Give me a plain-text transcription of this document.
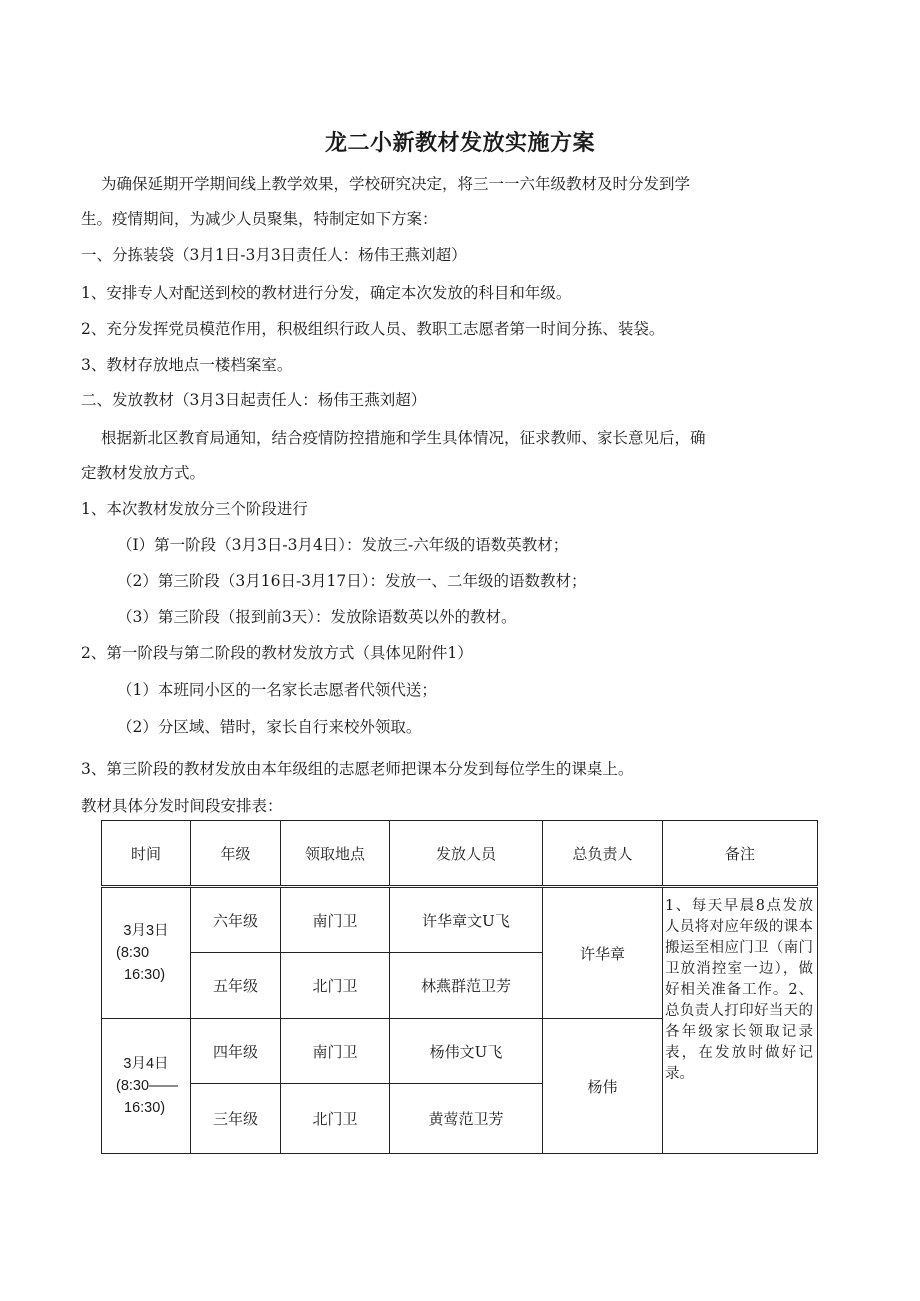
龙二小新教材发放实施方案
为确保延期开学期间线上教学效果，学校研究决定，将三一一六年级教材及时分发到学
生。疫情期间，为减少人员聚集，特制定如下方案：
一、分拣装袋（3月1日-3月3日责任人：杨伟王燕刘超）
1、安排专人对配送到校的教材进行分发，确定本次发放的科目和年级。
2、充分发挥党员模范作用，积极组织行政人员、教职工志愿者第一时间分拣、装袋。
3、教材存放地点一楼档案室。
二、发放教材（3月3日起责任人：杨伟王燕刘超）
根据新北区教育局通知，结合疫情防控措施和学生具体情况，征求教师、家长意见后，确
定教材发放方式。
1、本次教材发放分三个阶段进行
（I）第一阶段（3月3日-3月4日）：发放三-六年级的语数英教材；
（2）第三阶段（3月16日-3月17日）：发放一、二年级的语数教材；
（3）第三阶段（报到前3天）：发放除语数英以外的教材。
2、第一阶段与第二阶段的教材发放方式（具体见附件1）
（1）本班同小区的一名家长志愿者代领代送；
（2）分区域、错时，家长自行来校外领取。
3、第三阶段的教材发放由本年级组的志愿老师把课本分发到每位学生的课桌上。
教材具体分发时间段安排表：
时间	年级	领取地点	发放人员	总负责人	备注

3月3日
(8:30
16:30)	六年级	南门卫	许华章文U飞	许华章	1、每天早晨8点发放人员将对应年级的课本搬运至相应门卫（南门卫放消控室一边），做好相关准备工作。2、总负责人打印好当天的各年级家长领取记录表，在发放时做好记录。
	五年级	北门卫	林燕群范卫芳		

3月4日
(8:30——
16:30)	四年级	南门卫	杨伟文U飞	杨伟	
	三年级	北门卫	黄莺范卫芳		
